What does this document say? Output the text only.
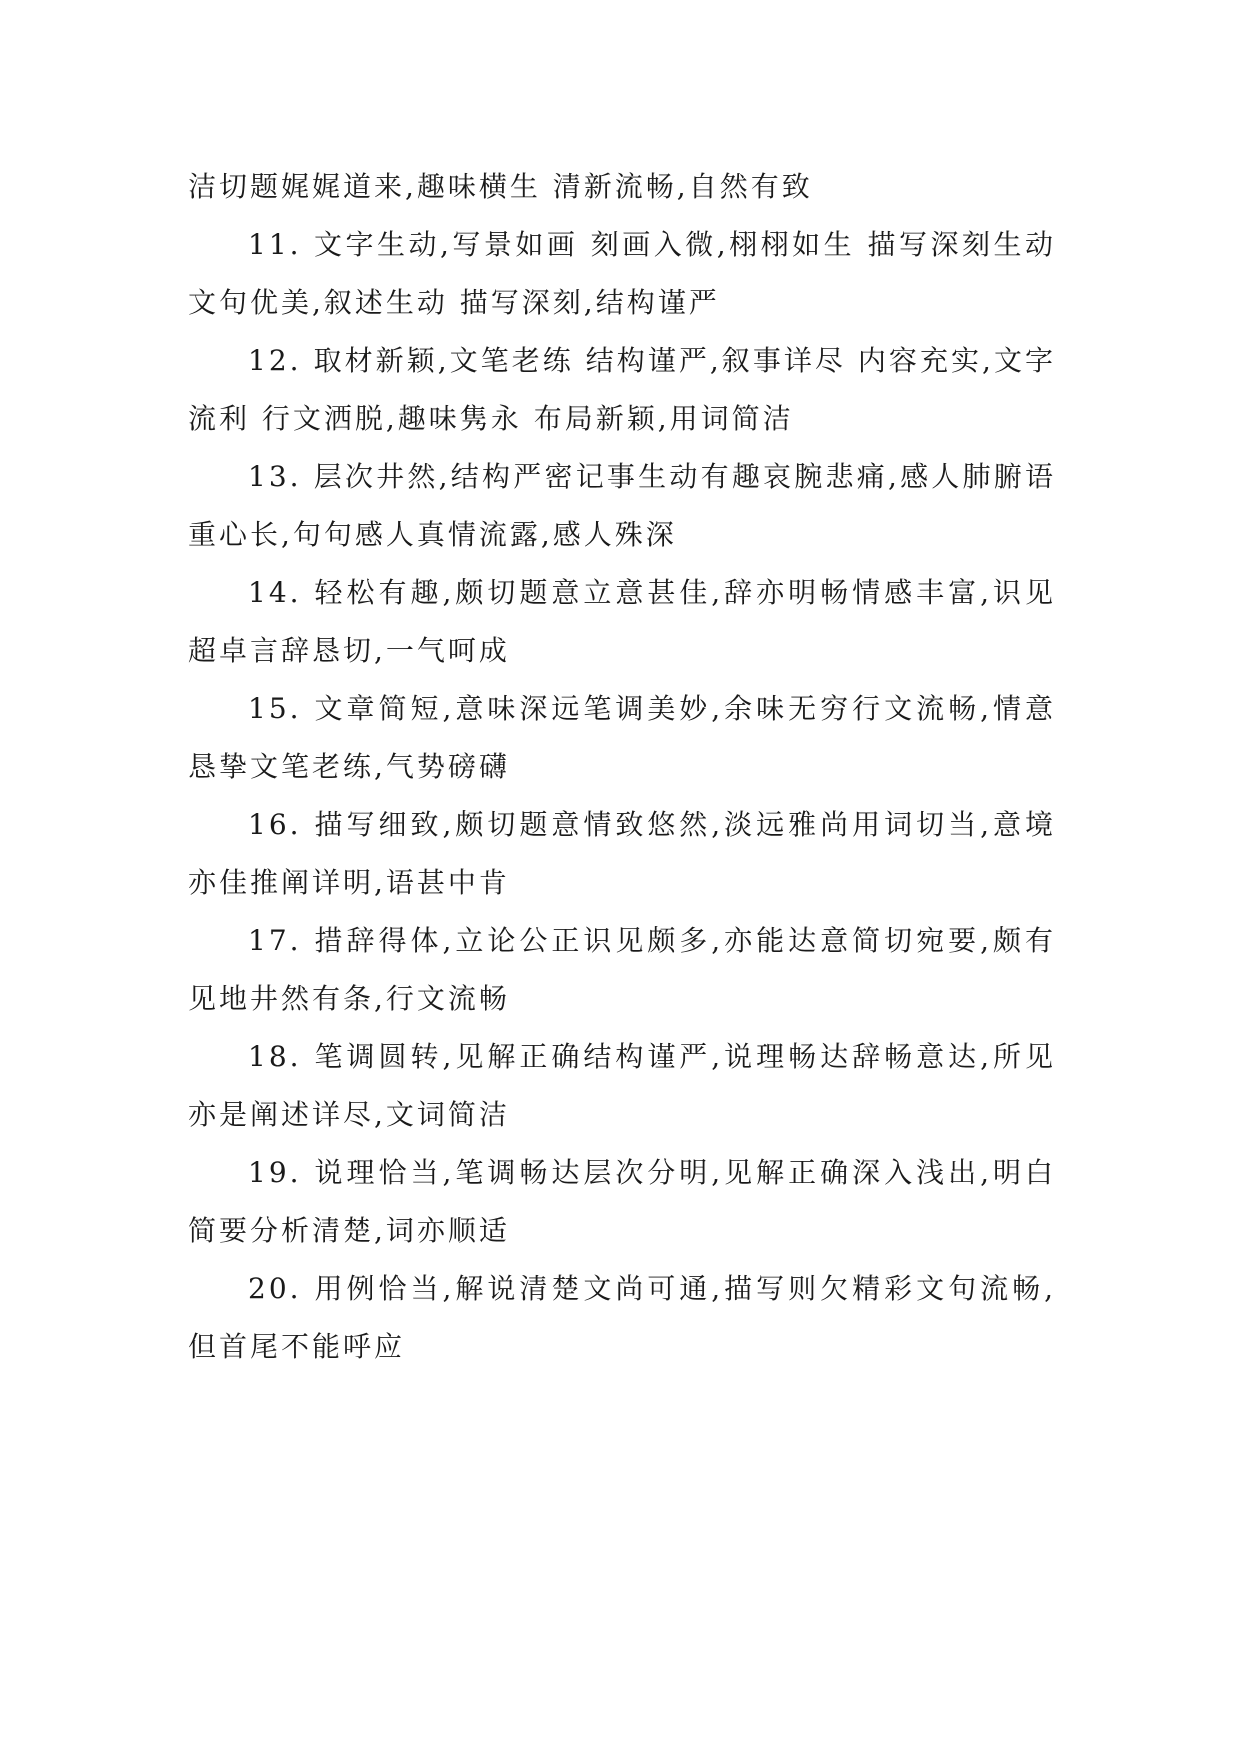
洁切题娓娓道来,趣味横生 清新流畅,自然有致

11. 文字生动,写景如画 刻画入微,栩栩如生 描写深刻生动 文句优美,叙述生动 描写深刻,结构谨严

12. 取材新颖,文笔老练 结构谨严,叙事详尽 内容充实,文字流利 行文洒脱,趣味隽永 布局新颖,用词简洁

13. 层次井然,结构严密记事生动有趣哀腕悲痛,感人肺腑语重心长,句句感人真情流露,感人殊深

14. 轻松有趣,颇切题意立意甚佳,辞亦明畅情感丰富,识见超卓言辞恳切,一气呵成

15. 文章简短,意味深远笔调美妙,余味无穷行文流畅,情意恳挚文笔老练,气势磅礴

16. 描写细致,颇切题意情致悠然,淡远雅尚用词切当,意境亦佳推阐详明,语甚中肯

17. 措辞得体,立论公正识见颇多,亦能达意简切宛要,颇有见地井然有条,行文流畅

18. 笔调圆转,见解正确结构谨严,说理畅达辞畅意达,所见亦是阐述详尽,文词简洁

19. 说理恰当,笔调畅达层次分明,见解正确深入浅出,明白简要分析清楚,词亦顺适

20. 用例恰当,解说清楚文尚可通,描写则欠精彩文句流畅,但首尾不能呼应
